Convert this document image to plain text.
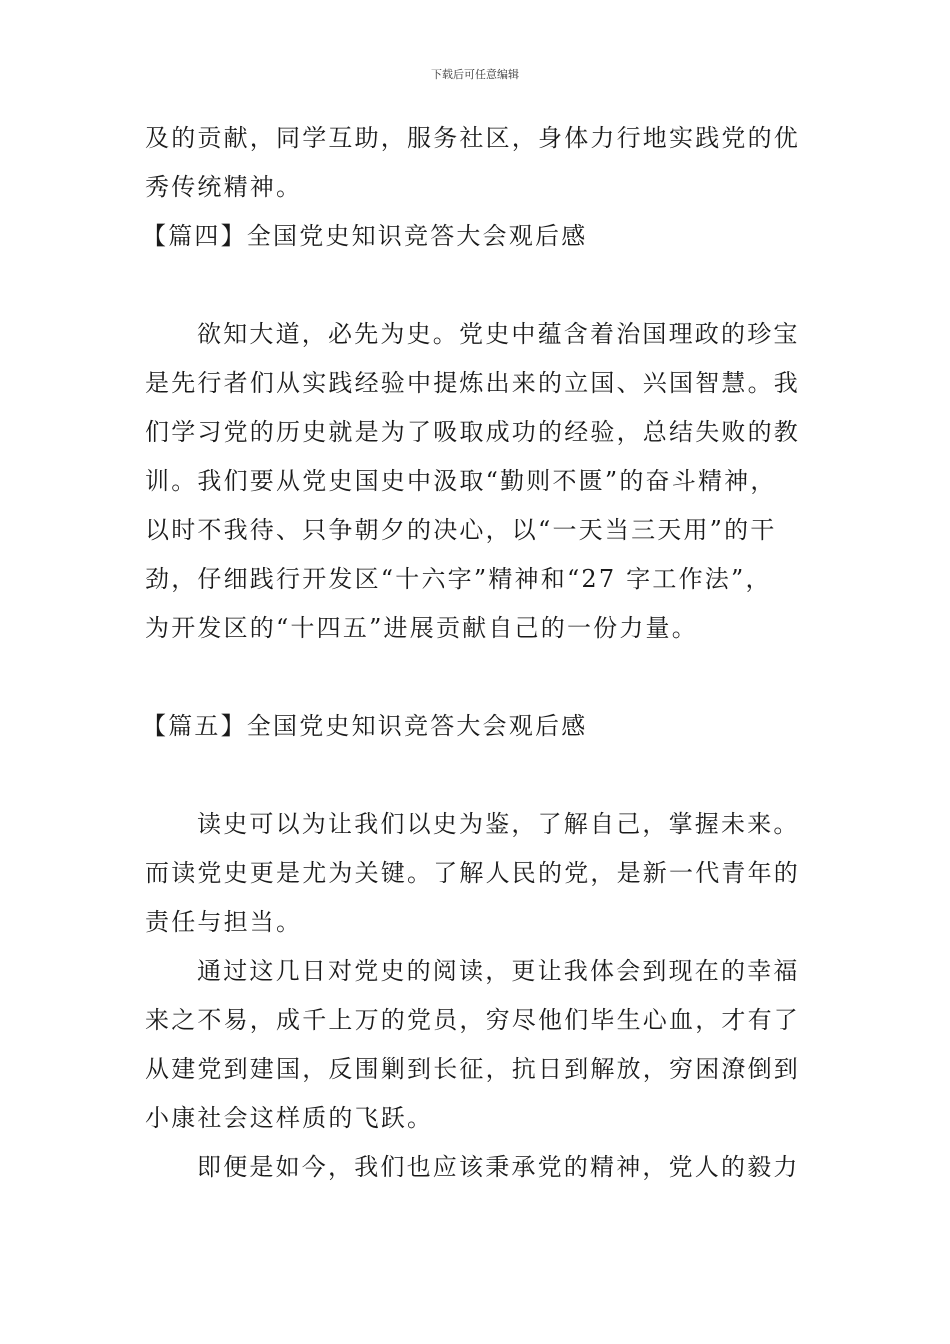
下载后可任意编辑
及的贡献，同学互助，服务社区，身体力行地实践党的优
秀传统精神。
【篇四】全国党史知识竞答大会观后感
欲知大道，必先为史。党史中蕴含着治国理政的珍宝
是先行者们从实践经验中提炼出来的立国、兴国智慧。我
们学习党的历史就是为了吸取成功的经验，总结失败的教
训。我们要从党史国史中汲取“勤则不匮”的奋斗精神，
以时不我待、只争朝夕的决心，以“一天当三天用”的干
劲，仔细践行开发区“十六字”精神和“27 字工作法”，
为开发区的“十四五”进展贡献自己的一份力量。
【篇五】全国党史知识竞答大会观后感
读史可以为让我们以史为鉴，了解自己，掌握未来。
而读党史更是尤为关键。了解人民的党，是新一代青年的
责任与担当。
通过这几日对党史的阅读，更让我体会到现在的幸福
来之不易，成千上万的党员，穷尽他们毕生心血，才有了
从建党到建国，反围剿到长征，抗日到解放，穷困潦倒到
小康社会这样质的飞跃。
即便是如今，我们也应该秉承党的精神，党人的毅力
